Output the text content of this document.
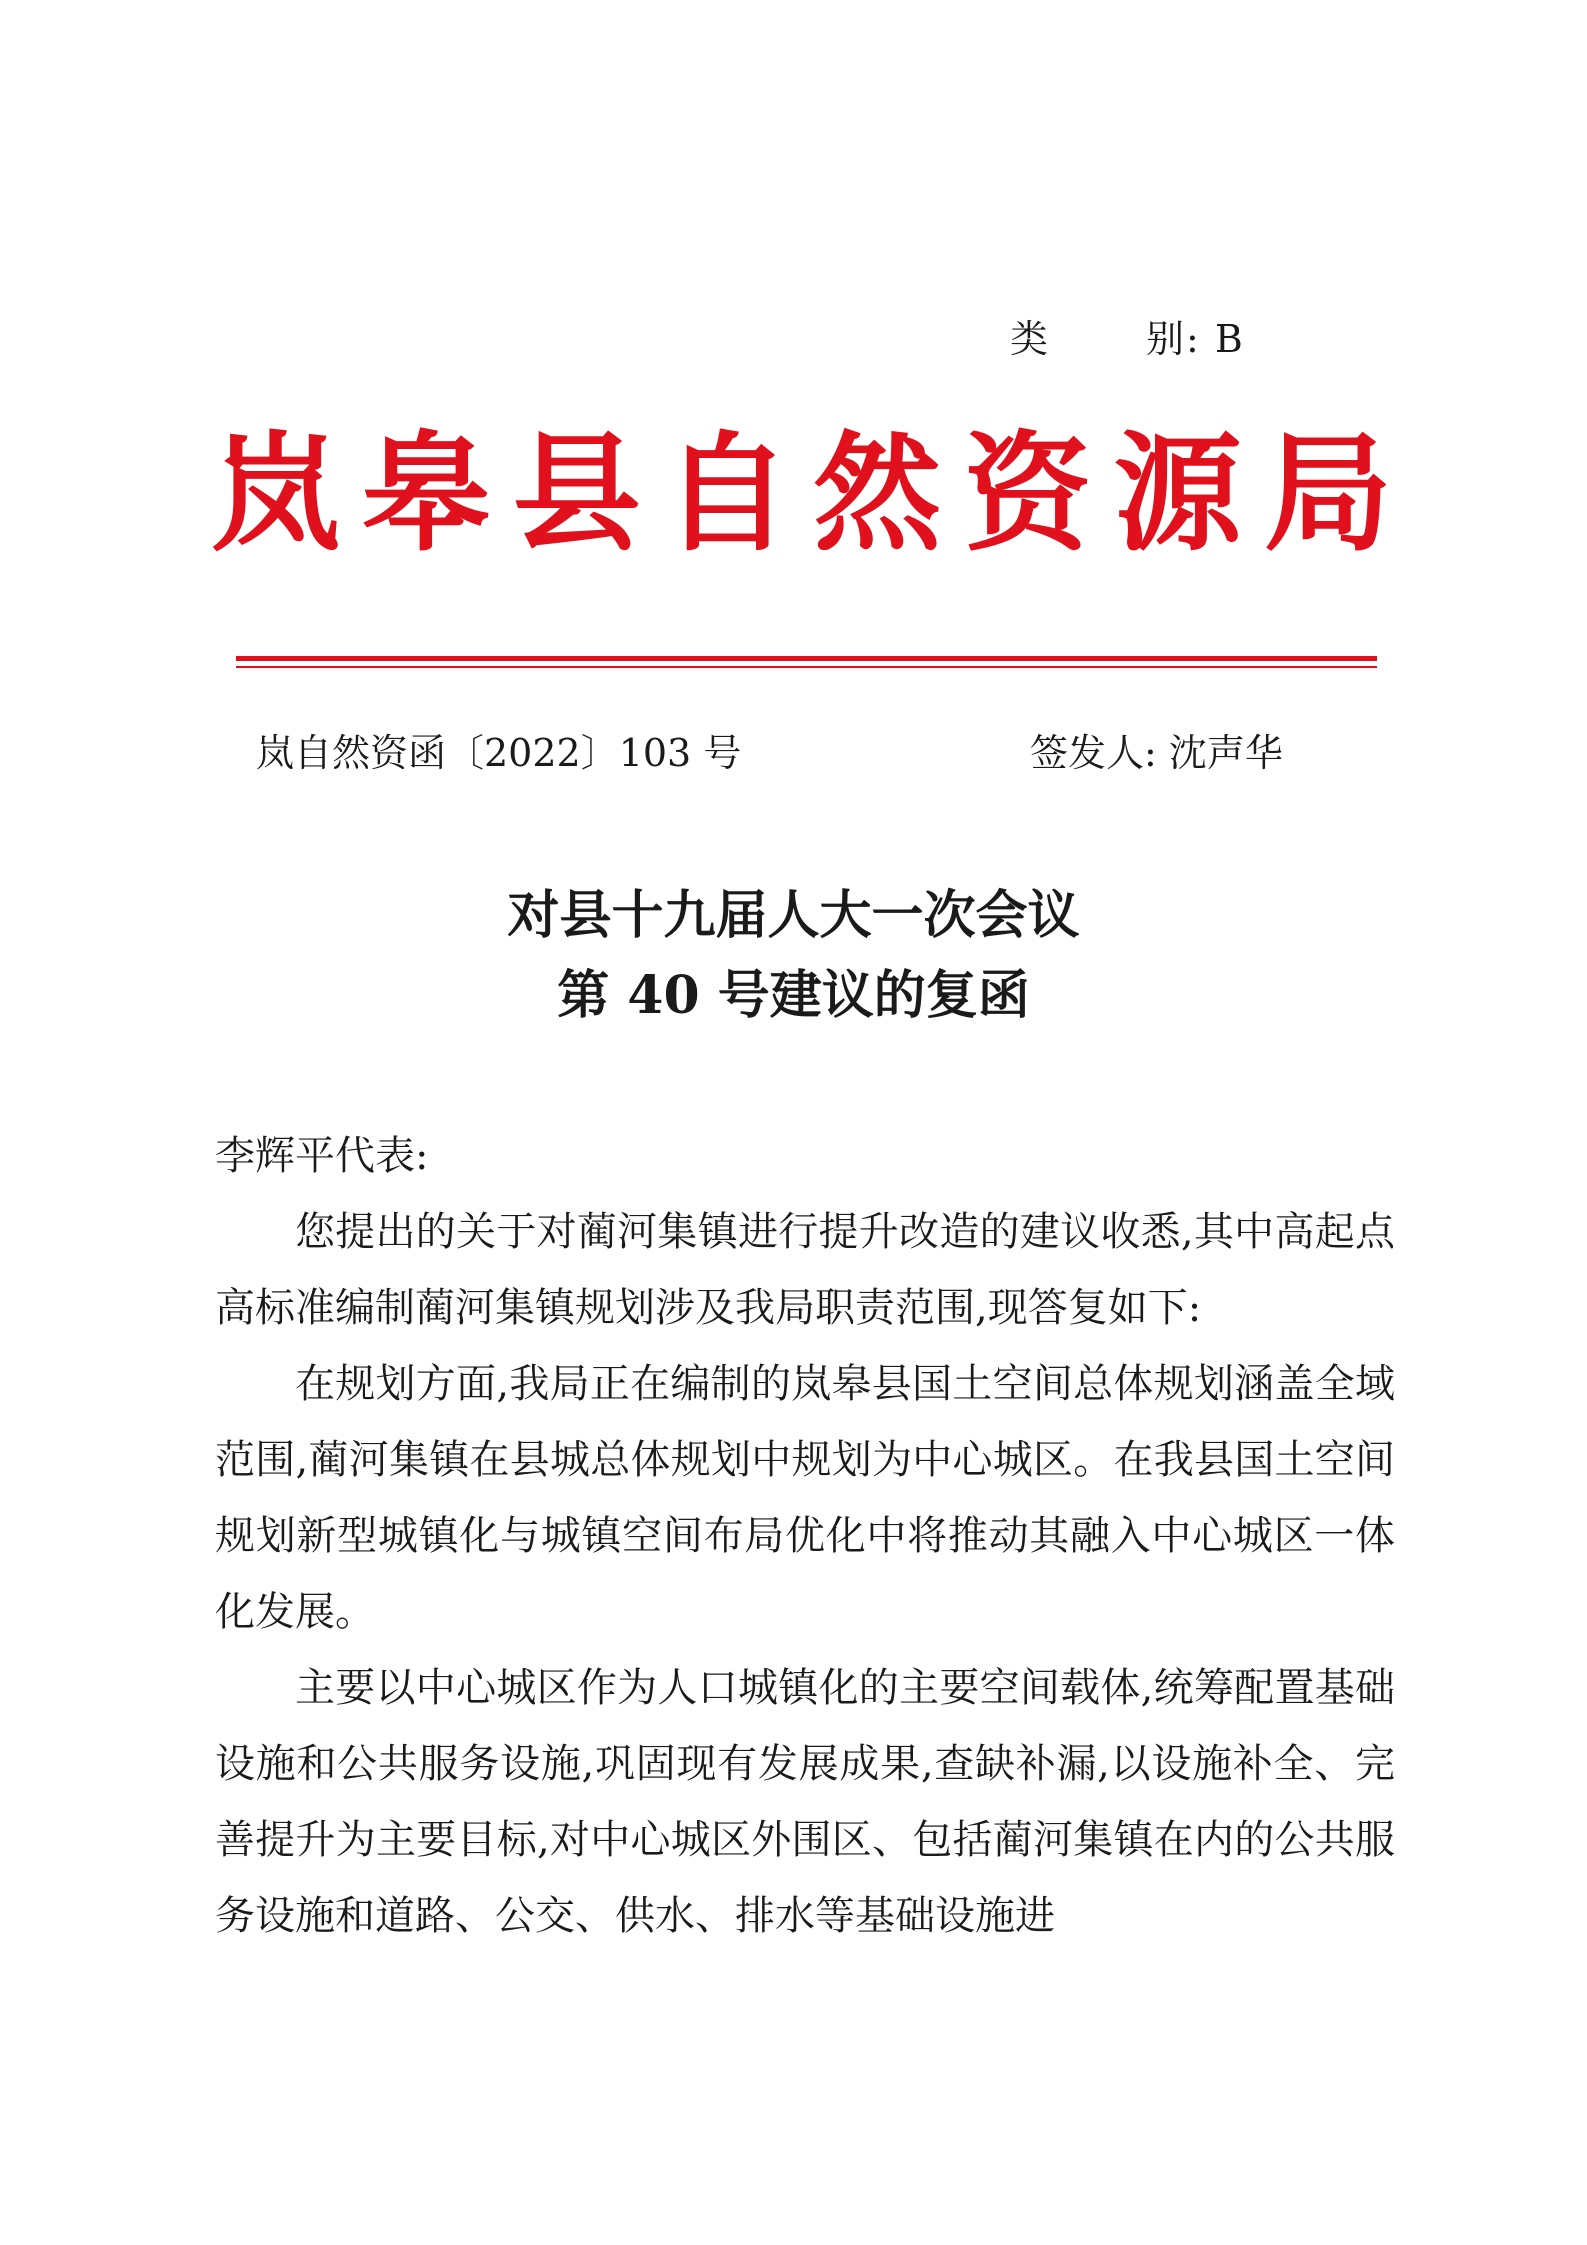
类	别: B
岚 皋 县 自 然 资 源 局
岚自然资函〔2022〕103 号	签发人: 沈声华
对县十九届人大一次会议
第 40 号建议的复函

李辉平代表:

您提出的关于对蔺河集镇进行提升改造的建议收悉,其中高起点高标准编制蔺河集镇规划涉及我局职责范围,现答复如下:

在规划方面,我局正在编制的岚皋县国土空间总体规划涵盖全域范围,蔺河集镇在县城总体规划中规划为中心城区。在我县国土空间规划新型城镇化与城镇空间布局优化中将推动其融入中心城区一体化发展。

主要以中心城区作为人口城镇化的主要空间载体,统筹配置基础设施和公共服务设施,巩固现有发展成果,查缺补漏,以设施补全、完善提升为主要目标,对中心城区外围区、包括蔺河集镇在内的公共服务设施和道路、公交、供水、排水等基础设施进
